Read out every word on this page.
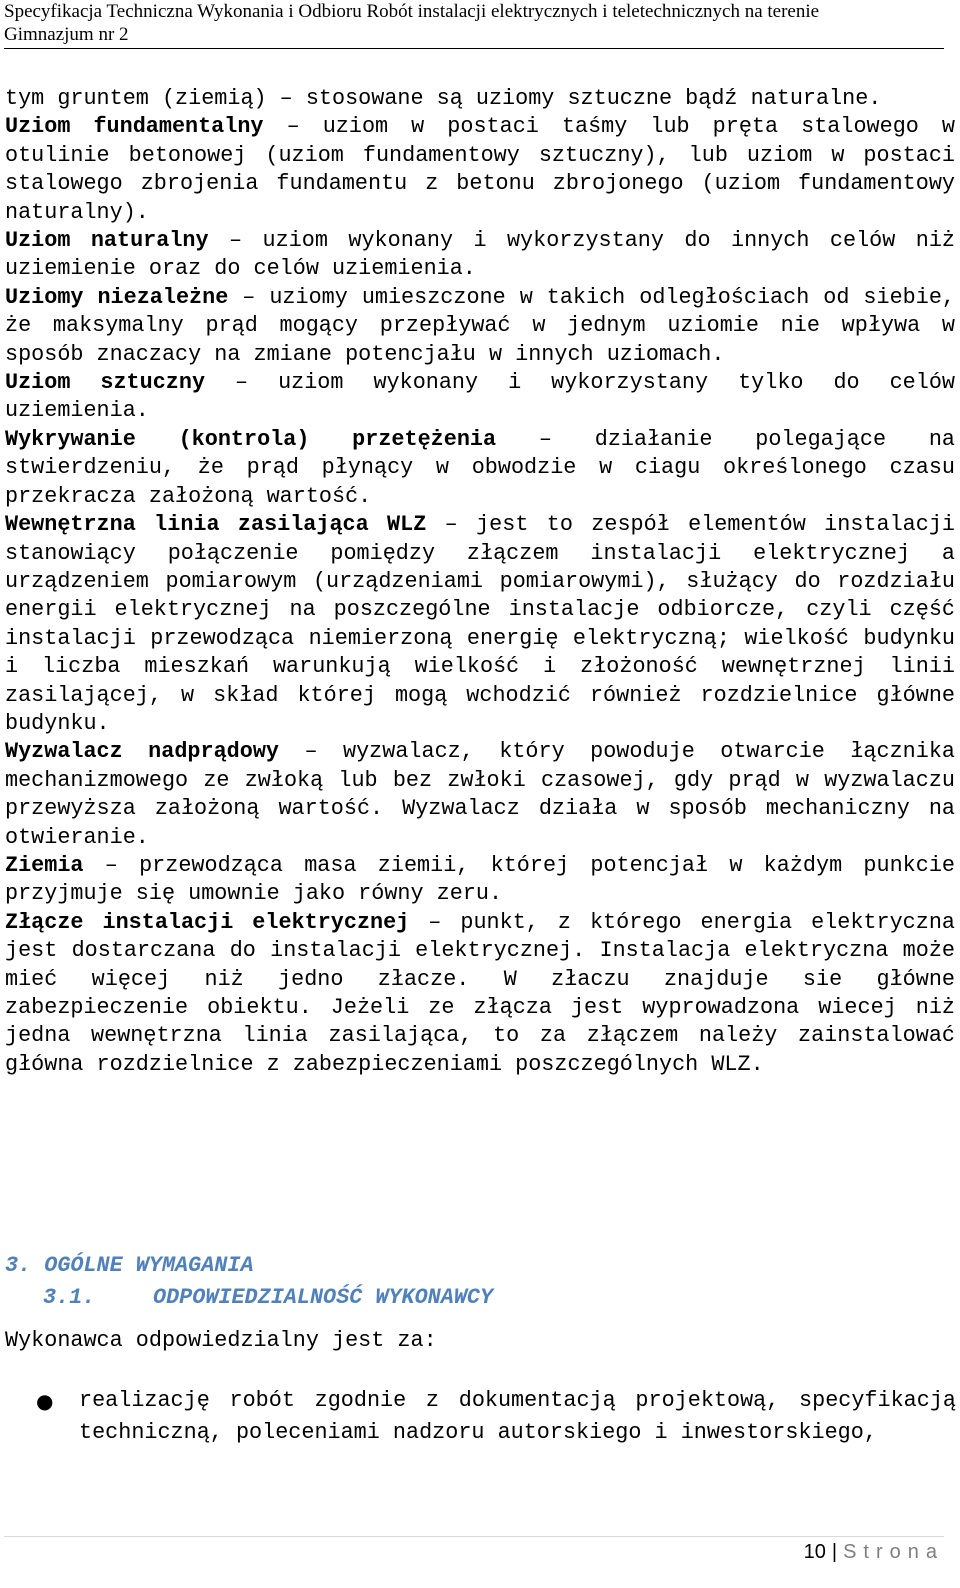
Specyfikacja Techniczna Wykonania i Odbioru Robót instalacji elektrycznych i teletechnicznych na terenie
Gimnazjum nr 2

tym gruntem (ziemią) – stosowane są uziomy sztuczne bądź naturalne.

Uziom fundamentalny – uziom w postaci taśmy lub pręta stalowego w otulinie betonowej (uziom fundamentowy sztuczny), lub uziom w postaci stalowego zbrojenia fundamentu z betonu zbrojonego (uziom fundamentowy naturalny).

Uziom naturalny – uziom wykonany i wykorzystany do innych celów niż uziemienie oraz do celów uziemienia.

Uziomy niezależne – uziomy umieszczone w takich odległościach od siebie, że maksymalny prąd mogący przepływać w jednym uziomie nie wpływa w sposób znaczacy na zmiane potencjału w innych uziomach.

Uziom sztuczny – uziom wykonany i wykorzystany tylko do celów uziemienia.

Wykrywanie (kontrola) przetężenia – działanie polegające na stwierdzeniu, że prąd płynący w obwodzie w ciagu określonego czasu przekracza założoną wartość.

Wewnętrzna linia zasilająca WLZ – jest to zespół elementów instalacji stanowiący połączenie pomiędzy złączem instalacji elektrycznej a urządzeniem pomiarowym (urządzeniami pomiarowymi), służący do rozdziału energii elektrycznej na poszczególne instalacje odbiorcze, czyli część instalacji przewodząca niemierzoną energię elektryczną; wielkość budynku i liczba mieszkań warunkują wielkość i złożoność wewnętrznej linii zasilającej, w skład której mogą wchodzić również rozdzielnice główne budynku.

Wyzwalacz nadprądowy – wyzwalacz, który powoduje otwarcie łącznika mechanizmowego ze zwłoką lub bez zwłoki czasowej, gdy prąd w wyzwalaczu przewyższa założoną wartość. Wyzwalacz działa w sposób mechaniczny na otwieranie.

Ziemia – przewodząca masa ziemii, której potencjał w każdym punkcie przyjmuje się umownie jako równy zeru.

Złącze instalacji elektrycznej – punkt, z którego energia elektryczna jest dostarczana do instalacji elektrycznej. Instalacja elektryczna może mieć więcej niż jedno złacze. W złaczu znajduje sie główne zabezpieczenie obiektu. Jeżeli ze złącza jest wyprowadzona wiecej niż jedna wewnętrzna linia zasilająca, to za złączem należy zainstalować główna rozdzielnice z zabezpieczeniami poszczególnych WLZ.

3. OGÓLNE WYMAGANIA
3.1.	ODPOWIEDZIALNOŚĆ WYKONAWCY
Wykonawca odpowiedzialny jest za:
● realizację robót zgodnie z dokumentacją projektową, specyfikacją techniczną, poleceniami nadzoru autorskiego i inwestorskiego,
10 | Strona
